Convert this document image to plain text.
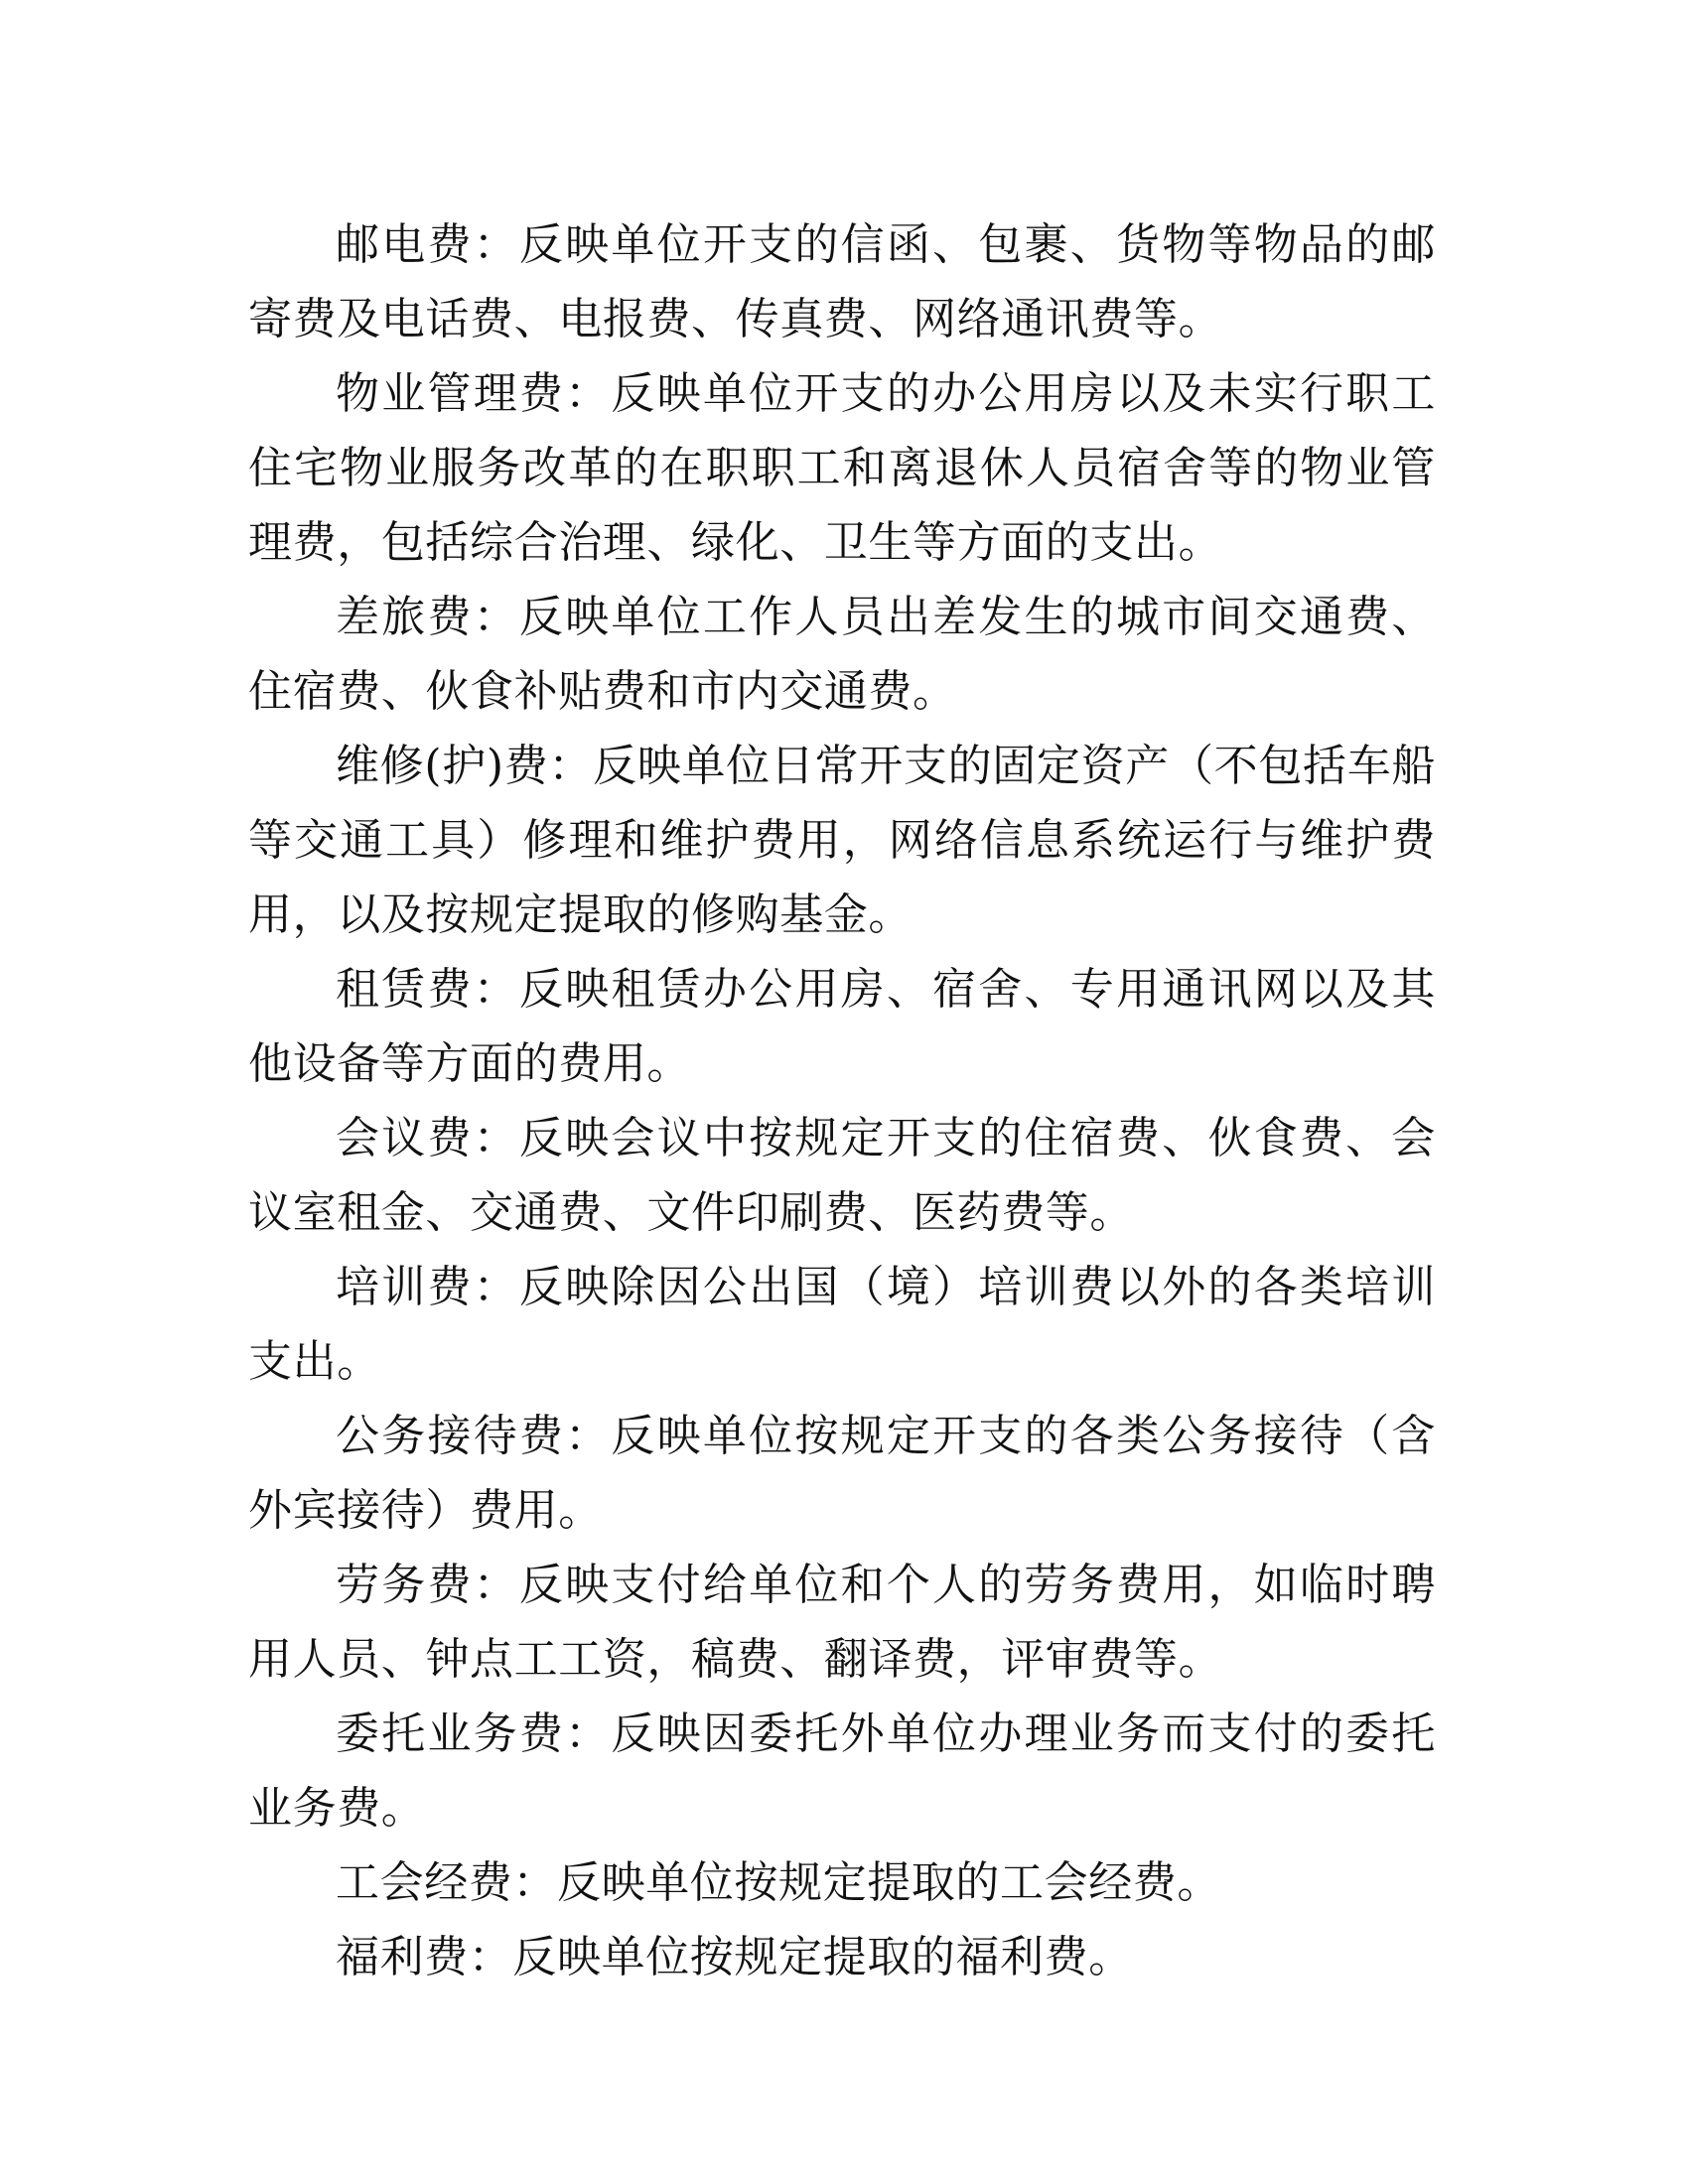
邮电费：反映单位开支的信函、包裹、货物等物品的邮寄费及电话费、电报费、传真费、网络通讯费等。

物业管理费：反映单位开支的办公用房以及未实行职工住宅物业服务改革的在职职工和离退休人员宿舍等的物业管理费，包括综合治理、绿化、卫生等方面的支出。

差旅费：反映单位工作人员出差发生的城市间交通费、住宿费、伙食补贴费和市内交通费。

维修(护)费：反映单位日常开支的固定资产（不包括车船等交通工具）修理和维护费用，网络信息系统运行与维护费用，以及按规定提取的修购基金。

租赁费：反映租赁办公用房、宿舍、专用通讯网以及其他设备等方面的费用。

会议费：反映会议中按规定开支的住宿费、伙食费、会议室租金、交通费、文件印刷费、医药费等。

培训费：反映除因公出国（境）培训费以外的各类培训支出。

公务接待费：反映单位按规定开支的各类公务接待（含外宾接待）费用。

劳务费：反映支付给单位和个人的劳务费用，如临时聘用人员、钟点工工资，稿费、翻译费，评审费等。

委托业务费：反映因委托外单位办理业务而支付的委托业务费。

工会经费：反映单位按规定提取的工会经费。

福利费：反映单位按规定提取的福利费。
